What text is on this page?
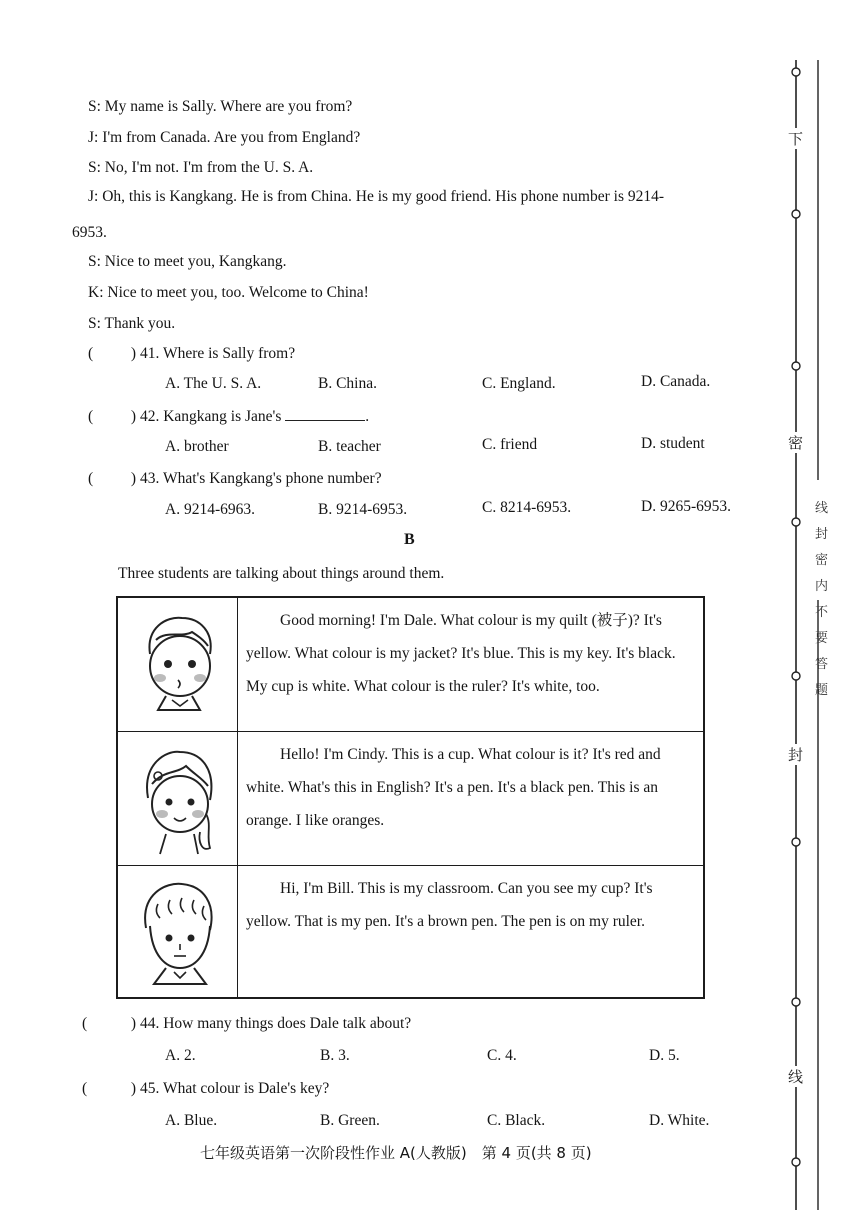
S: My name is Sally. Where are you from?
J: I'm from Canada. Are you from England?
S: No, I'm not. I'm from the U. S. A.
J: Oh, this is Kangkang. He is from China. He is my good friend. His phone number is 9214-
6953.
S: Nice to meet you, Kangkang.
K: Nice to meet you, too. Welcome to China!
S: Thank you.
( ) 41. Where is Sally from?
A. The U. S. A.	B. China.	C. England.	D. Canada.
( ) 42. Kangkang is Jane's	.
A. brother	B. teacher	C. friend	D. student
( ) 43. What's Kangkang's phone number?
A. 9214-6963.	B. 9214-6953.	C. 8214-6953.	D. 9265-6953.
B
Three students are talking about things around them.
Good morning! I'm Dale. What colour is my quilt (被子)? It's yellow. What colour is my jacket? It's blue. This is my key. It's black. My cup is white. What colour is the ruler? It's white, too.
Hello! I'm Cindy. This is a cup. What colour is it? It's red and white. What's this in English? It's a pen. It's a black pen. This is an orange. I like oranges.
Hi, I'm Bill. This is my classroom. Can you see my cup? It's yellow. That is my pen. It's a brown pen. The pen is on my ruler.
(	) 44. How many things does Dale talk about?
A. 2.	B. 3.	C. 4.	D. 5.
(	) 45. What colour is Dale's key?
A. Blue.	B. Green.	C. Black.	D. White.
七年级英语第一次阶段性作业 A(人教版)　第 4 页(共 8 页)
下
密
封
线
线封密内不要答题
